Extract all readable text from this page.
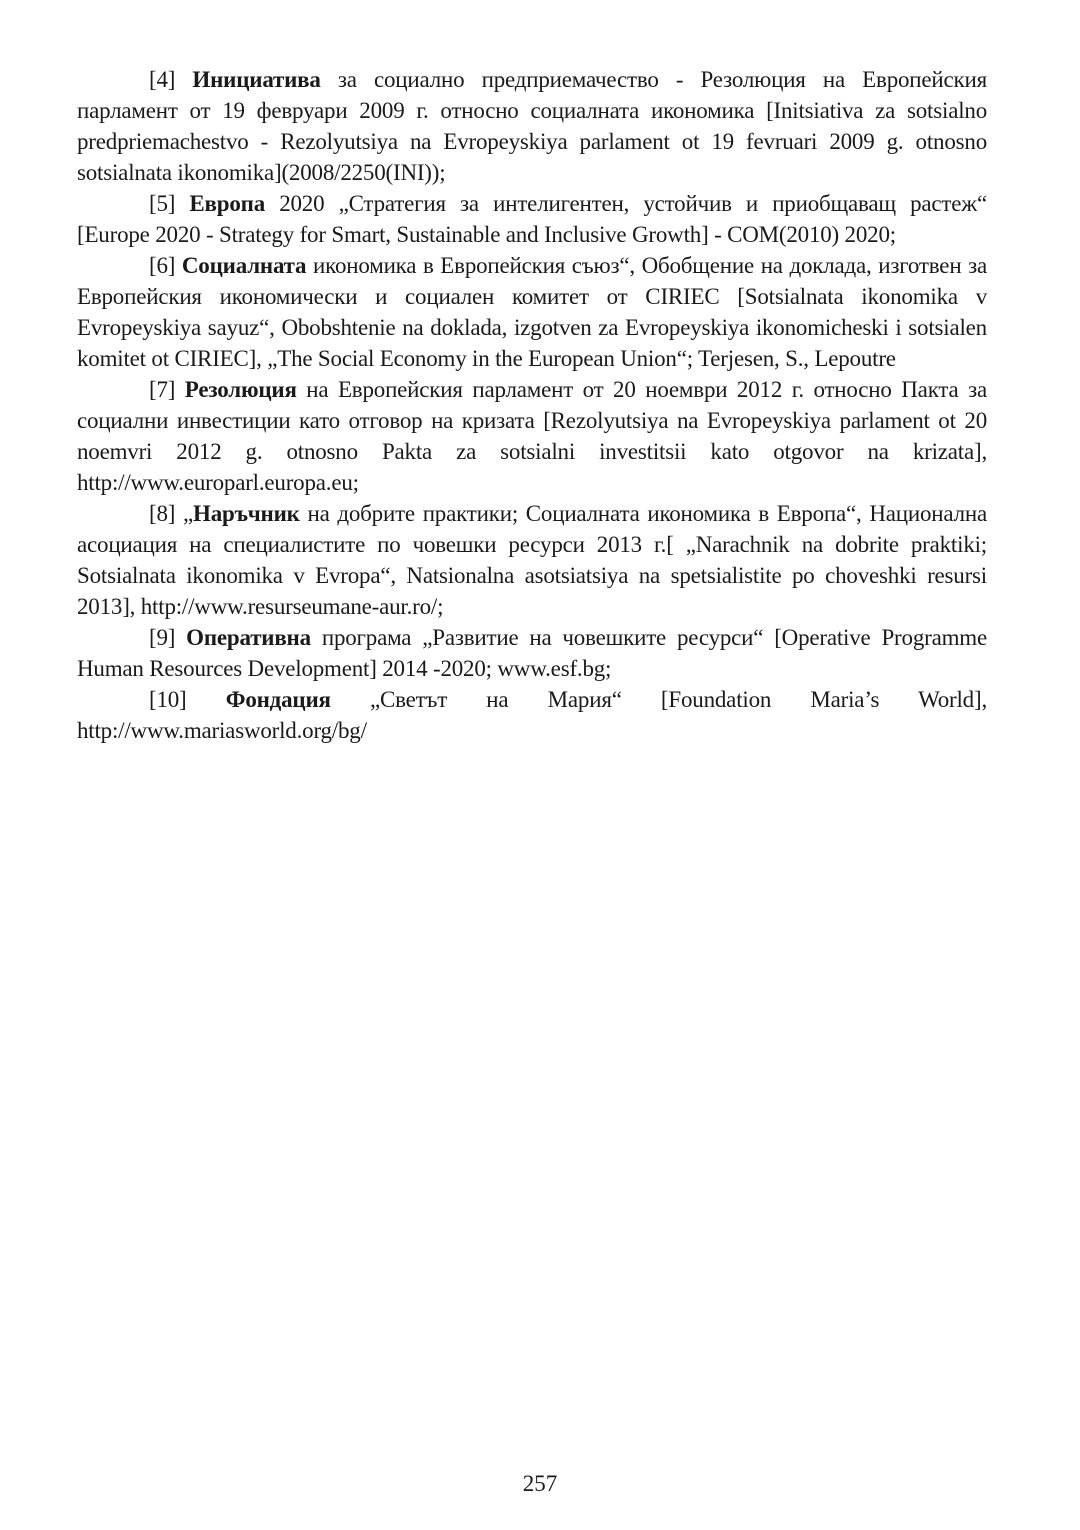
[4] Инициатива за социално предприемачество - Резолюция на Европейския парламент от 19 февруари 2009 г. относно социалната икономика [Initsiativa za sotsialno predpriemachestvo - Rezolyutsiya na Evropeyskiya parlament ot 19 fevruari 2009 g. otnosno sotsialnata ikonomika](2008/2250(INI));

[5] Европа 2020 „Стратегия за интелигентен, устойчив и приобщаващ растеж“ [Europe 2020 - Strategy for Smart, Sustainable and Inclusive Growth] - COM(2010) 2020;

[6] Социалната икономика в Европейския съюз“, Обобщение на доклада, изготвен за Европейския икономически и социален комитет от CIRIEC [Sotsialnata ikonomika v Evropeyskiya sayuz“, Obobshtenie na doklada, izgotven za Evropeyskiya ikonomicheski i sotsialen komitet ot CIRIEC], „The Social Economy in the European Union“; Terjesen, S., Lepoutre

[7] Резолюция на Европейския парламент от 20 ноември 2012 г. относно Пакта за социални инвестиции като отговор на кризата [Rezolyutsiya na Evropeyskiya parlament ot 20 noemvri 2012 g. otnosno Pakta za sotsialni investitsii kato otgovor na krizata], http://www.europarl.europa.eu;

[8] „Наръчник на добрите практики; Социалната икономика в Европа“, Национална асоциация на специалистите по човешки ресурси 2013 г.[ „Narachnik na dobrite praktiki; Sotsialnata ikonomika v Evropa“, Natsionalna asotsiatsiya na spetsialistite po choveshki resursi 2013], http://www.resurseumane-aur.ro/;

[9] Оперативна програма „Развитие на човешките ресурси“ [Operative Programme Human Resources Development] 2014 -2020; www.esf.bg;

[10] Фондация „Светът на Мария“ [Foundation Maria’s World], http://www.mariasworld.org/bg/

257
